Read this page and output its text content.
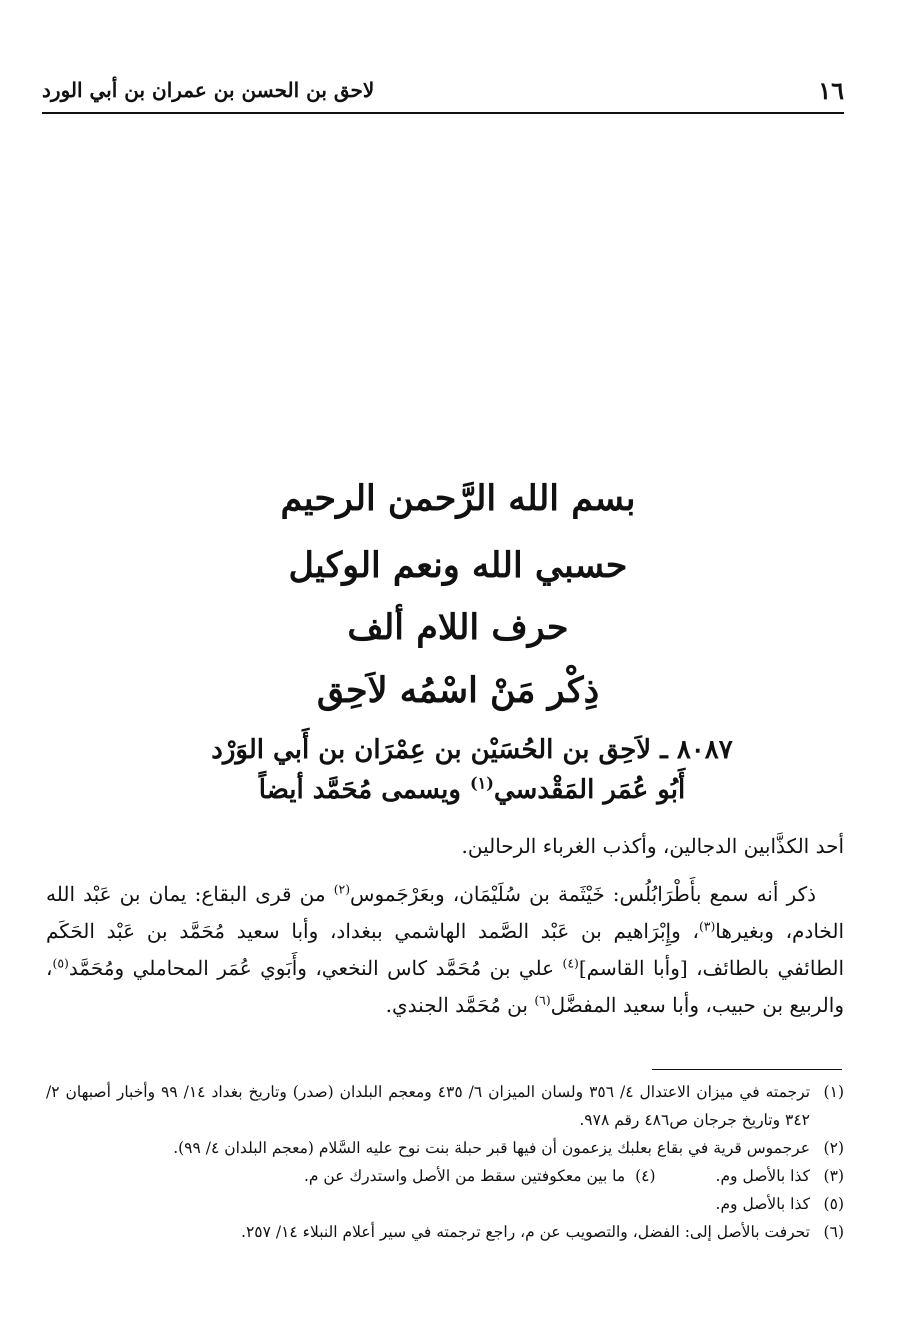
١٦
لاحق بن الحسن بن عمران بن أبي الورد
بسم الله الرَّحمن الرحيم
حسبي الله ونعم الوكيل
حرف اللام ألف
ذِكْر مَنْ اسْمُه لاَحِق
٨٠٨٧ ـ لاَحِق بن الحُسَيْن بن عِمْرَان بن أَبي الوَرْد
أَبُو عُمَر المَقْدسي$^{(١)}$ ويسمى مُحَمَّد أيضاً

أحد الكذَّابين الدجالين، وأكذب الغرباء الرحالين.

ذكر أنه سمع بأَطْرَابُلُس: خَيْثَمة بن سُلَيْمَان، وبعَرْجَموس$^{(٢)}$ من قرى البقاع: يمان بن عَبْد الله الخادم، وبغيرها$^{(٣)}$، وإِبْرَاهيم بن عَبْد الصَّمد الهاشمي ببغداد، وأبا سعيد مُحَمَّد بن عَبْد الحَكَم الطائفي بالطائف، [وأبا القاسم]$^{(٤)}$ علي بن مُحَمَّد كاس النخعي، وأَبَوي عُمَر المحاملي ومُحَمَّد$^{(٥)}$، والربيع بن حبيب، وأبا سعيد المفضَّل$^{(٦)}$ بن مُحَمَّد الجندي.

(١)
ترجمته في ميزان الاعتدال ٤/ ٣٥٦ ولسان الميزان ٦/ ٤٣٥ ومعجم البلدان (صدر) وتاريخ بغداد ١٤/ ٩٩ وأخبار أصبهان ٢/ ٣٤٢ وتاريخ جرجان ص٤٨٦ رقم ٩٧٨.
(٢)
عرجموس قرية في بقاع بعلبك يزعمون أن فيها قبر حبلة بنت نوح عليه السَّلام (معجم البلدان ٤/ ٩٩).
(٣)
كذا بالأصل وم.
(٤)  ما بين معكوفتين سقط من الأصل واستدرك عن م.
(٥)
كذا بالأصل وم.
(٦)
تحرفت بالأصل إلى: الفضل، والتصويب عن م، راجع ترجمته في سير أعلام النبلاء ١٤/ ٢٥٧.
